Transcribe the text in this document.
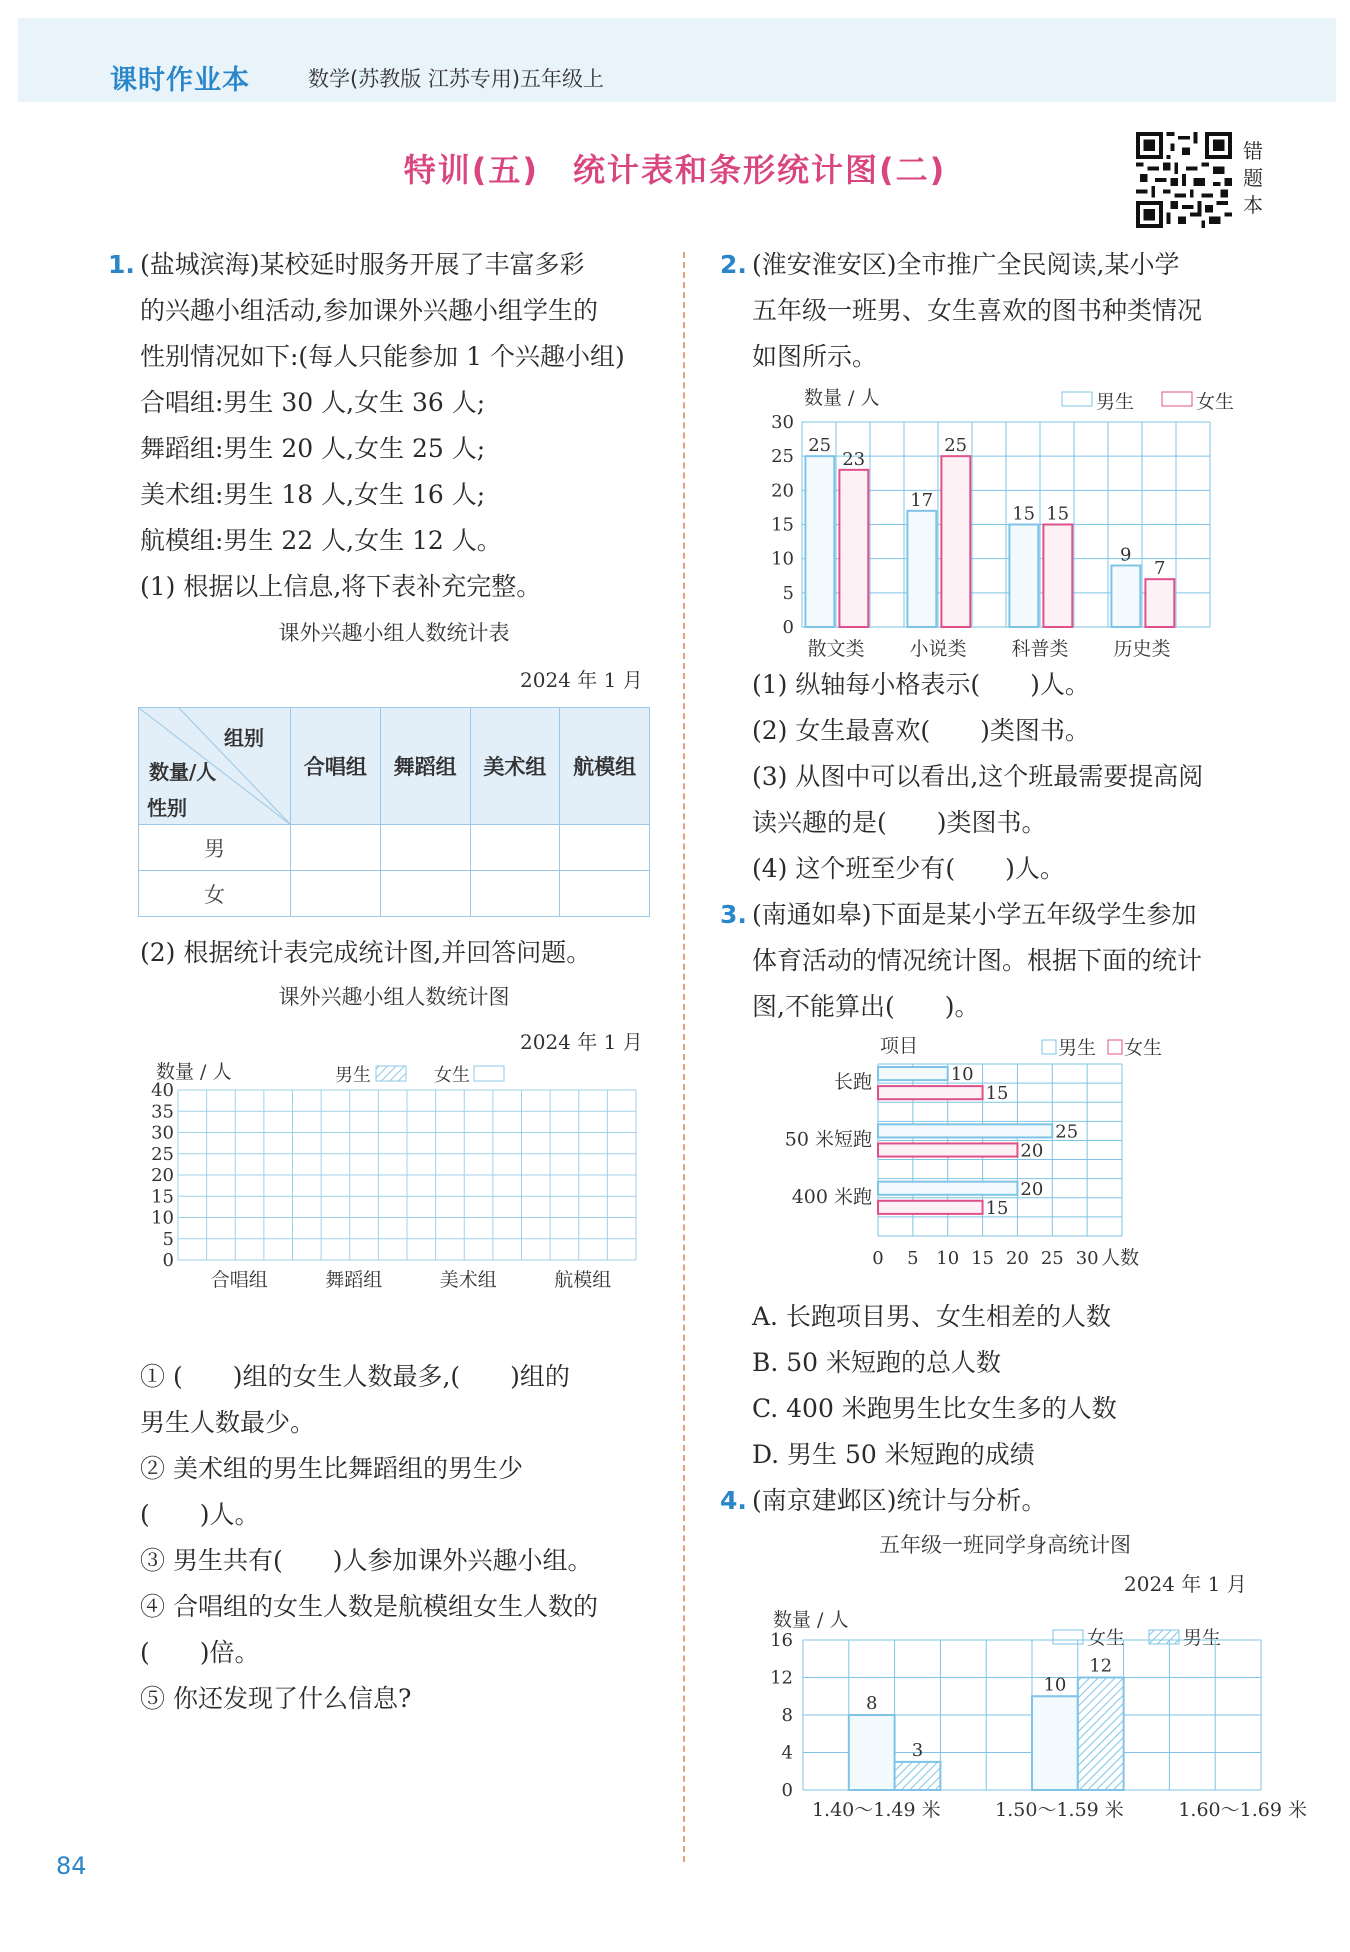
课时作业本	数学(苏教版 江苏专用)五年级上
特训(五)　统计表和条形统计图(二)	错题本
1. (盐城滨海)某校延时服务开展了丰富多彩
的兴趣小组活动,参加课外兴趣小组学生的
性别情况如下:(每人只能参加 1 个兴趣小组)
合唱组:男生 30 人,女生 36 人;
舞蹈组:男生 20 人,女生 25 人;
美术组:男生 18 人,女生 16 人;
航模组:男生 22 人,女生 12 人。
(1) 根据以上信息,将下表补充完整。
课外兴趣小组人数统计表
2024 年 1 月
组别
数量/人
性别	合唱组	舞蹈组	美术组	航模组
男				
女				
(2) 根据统计表完成统计图,并回答问题。
课外兴趣小组人数统计图
2024 年 1 月
数量 / 人	男生	女生
0
5
10
15
20
25
30
35
40
合唱组	舞蹈组	美术组	航模组
① (　　)组的女生人数最多,(　　)组的
男生人数最少。
② 美术组的男生比舞蹈组的男生少
(　　)人。
③ 男生共有(　　)人参加课外兴趣小组。
④ 合唱组的女生人数是航模组女生人数的
(　　)倍。
⑤ 你还发现了什么信息?
2. (淮安淮安区)全市推广全民阅读,某小学
五年级一班男、女生喜欢的图书种类情况
如图所示。
数量 / 人	男生	女生
0
5
10
15
20
25
30
25
23
散文类
17
25
小说类
15 15
科普类
9
7
历史类
(1) 纵轴每小格表示(　　)人。
(2) 女生最喜欢(　　)类图书。
(3) 从图中可以看出,这个班最需要提高阅
读兴趣的是(　　)类图书。
(4) 这个班至少有(　　)人。
3. (南通如皋)下面是某小学五年级学生参加
体育活动的情况统计图。根据下面的统计
图,不能算出(　　)。
项目	男生 女生
0 5 10 15 20 25 30 人数
10
15
长跑
25
20
50 米短跑
20
15
400 米跑
A. 长跑项目男、女生相差的人数
B. 50 米短跑的总人数
C. 400 米跑男生比女生多的人数
D. 男生 50 米短跑的成绩
4. (南京建邺区)统计与分析。
五年级一班同学身高统计图
2024 年 1 月
数量 / 人
女生	男生
0
4
8
12
16
8
3
1.40～1.49 米
10
12
1.50～1.59 米	1.60～1.69 米
84
